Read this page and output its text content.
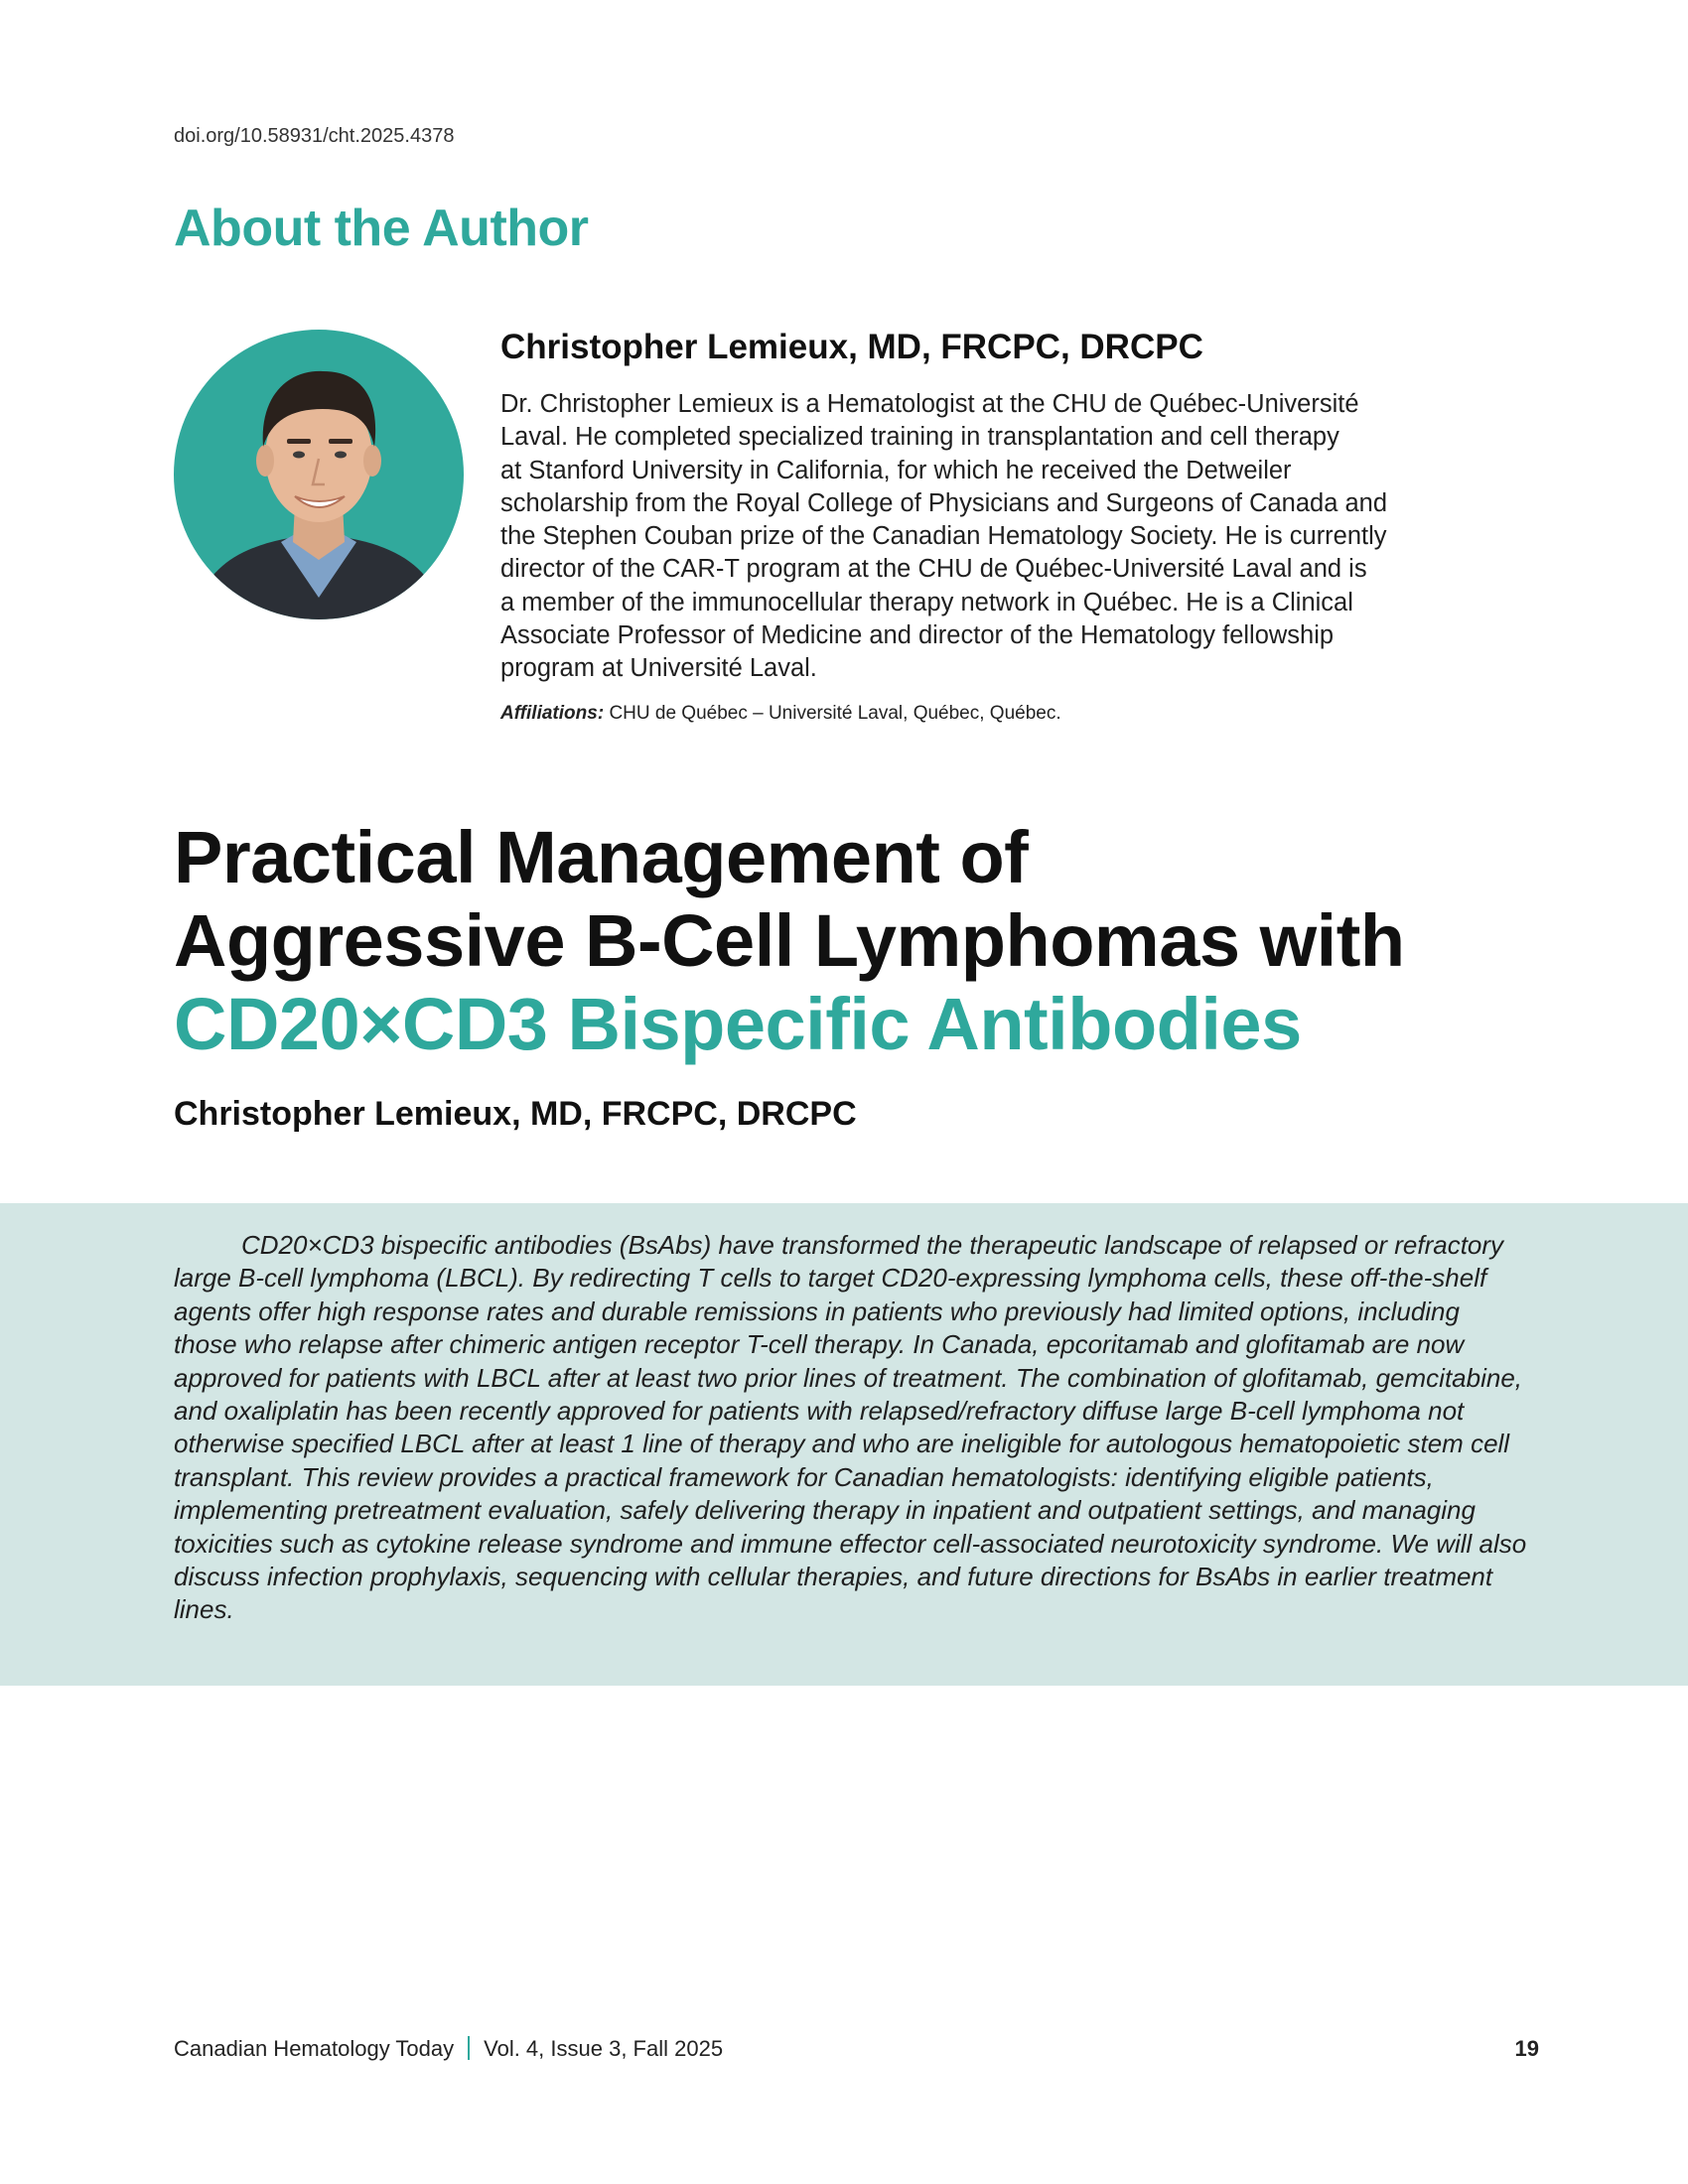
doi.org/10.58931/cht.2025.4378
About the Author
Christopher Lemieux, MD, FRCPC, DRCPC

Dr. Christopher Lemieux is a Hematologist at the CHU de Québec-Université
Laval. He completed specialized training in transplantation and cell therapy
at Stanford University in California, for which he received the Detweiler
scholarship from the Royal College of Physicians and Surgeons of Canada and
the Stephen Couban prize of the Canadian Hematology Society. He is currently
director of the CAR-T program at the CHU de Québec-Université Laval and is
a member of the immunocellular therapy network in Québec. He is a Clinical
Associate Professor of Medicine and director of the Hematology fellowship
program at Université Laval.

Affiliations: CHU de Québec – Université Laval, Québec, Québec.

Practical Management of
Aggressive B-Cell Lymphomas with
CD20×CD3 Bispecific Antibodies
Christopher Lemieux, MD, FRCPC, DRCPC

CD20×CD3 bispecific antibodies (BsAbs) have transformed the therapeutic landscape of relapsed or refractory large B-cell lymphoma (LBCL). By redirecting T cells to target CD20-expressing lymphoma cells, these off-the-shelf agents offer high response rates and durable remissions in patients who previously had limited options, including those who relapse after chimeric antigen receptor T-cell therapy. In Canada, epcoritamab and glofitamab are now approved for patients with LBCL after at least two prior lines of treatment. The combination of glofitamab, gemcitabine, and oxaliplatin has been recently approved for patients with relapsed/refractory diffuse large B-cell lymphoma not otherwise specified LBCL after at least 1 line of therapy and who are ineligible for autologous hematopoietic stem cell transplant. This review provides a practical framework for Canadian hematologists: identifying eligible patients, implementing pretreatment evaluation, safely delivering therapy in inpatient and outpatient settings, and managing toxicities such as cytokine release syndrome and immune effector cell-associated neurotoxicity syndrome. We will also discuss infection prophylaxis, sequencing with cellular therapies, and future directions for BsAbs in earlier treatment lines.

Canadian Hematology Today Vol. 4, Issue 3, Fall 2025	19
